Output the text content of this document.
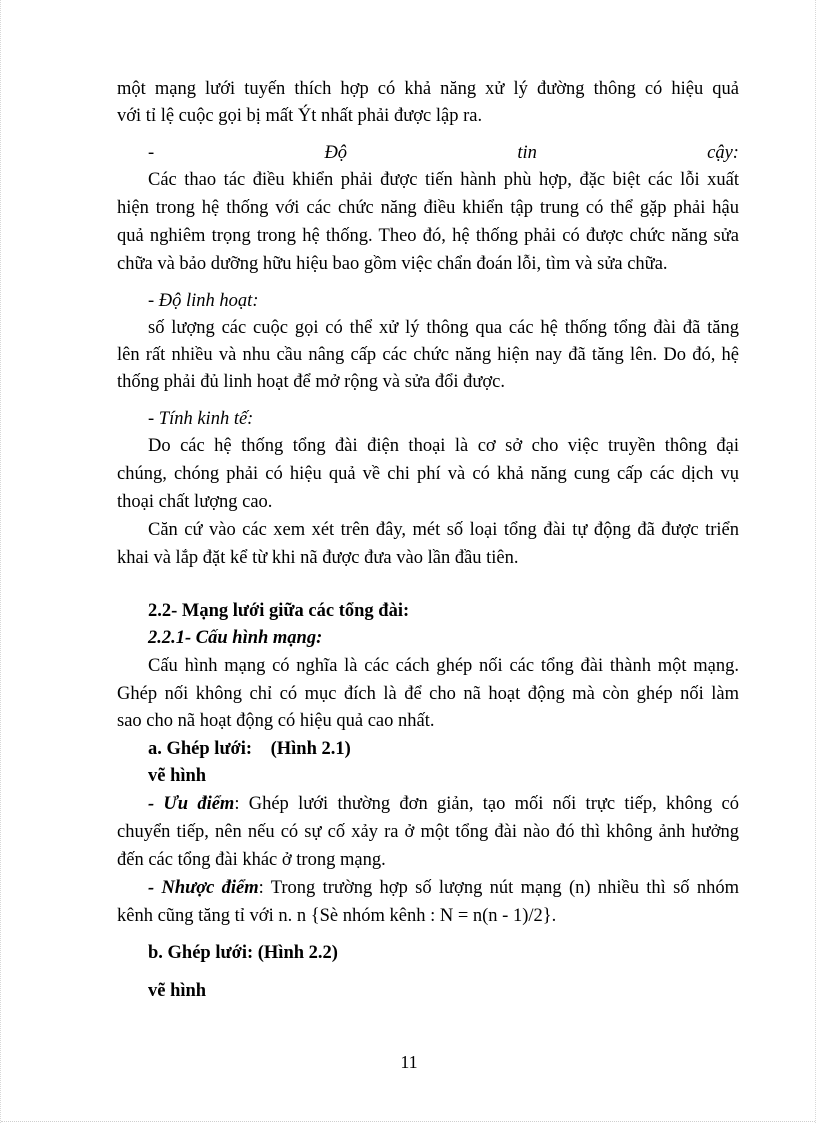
một mạng lưới tuyến thích hợp có khả năng xử lý đường thông có hiệu quả
với tỉ lệ cuộc gọi bị mất Ýt nhất phải được lập ra.
-	Độ	tin	cậy:
Các thao tác điều khiển phải được tiến hành phù hợp, đặc biệt các lỗi xuất
hiện trong hệ thống với các chức năng điều khiển tập trung có thể gặp phải hậu
quả nghiêm trọng trong hệ thống. Theo đó, hệ thống phải có được chức năng sửa
chữa và bảo dưỡng hữu hiệu bao gồm việc chẩn đoán lỗi, tìm và sửa chữa.
- Độ linh hoạt:
số lượng các cuộc gọi có thể xử lý thông qua các hệ thống tổng đài đã tăng
lên rất nhiều và nhu cầu nâng cấp các chức năng hiện nay đã tăng lên. Do đó, hệ
thống phải đủ linh hoạt để mở rộng và sửa đổi được.
- Tính kinh tế:
Do các hệ thống tổng đài điện thoại là cơ sở cho việc truyền thông đại
chúng, chóng phải có hiệu quả về chi phí và có khả năng cung cấp các dịch vụ
thoại chất lượng cao.
Căn cứ vào các xem xét trên đây, mét số loại tổng đài tự động đã được triển
khai và lắp đặt kể từ khi nã được đưa vào lần đầu tiên.
2.2- Mạng lưới giữa các tổng đài:
2.2.1- Cấu hình mạng:
Cấu hình mạng có nghĩa là các cách ghép nối các tổng đài thành một mạng.
Ghép nối không chỉ có mục đích là để cho nã hoạt động mà còn ghép nối làm
sao cho nã hoạt động có hiệu quả cao nhất.
a. Ghép lưới: (Hình 2.1)
vẽ hình
- Ưu điểm: Ghép lưới thường đơn giản, tạo mối nối trực tiếp, không có
chuyển tiếp, nên nếu có sự cố xảy ra ở một tổng đài nào đó thì không ảnh hưởng
đến các tổng đài khác ở trong mạng.
- Nhược điểm: Trong trường hợp số lượng nút mạng (n) nhiều thì số nhóm
kênh cũng tăng tỉ với n. n {Sè nhóm kênh : N = n(n - 1)/2}.
b. Ghép lưới: (Hình 2.2)
vẽ hình
11
